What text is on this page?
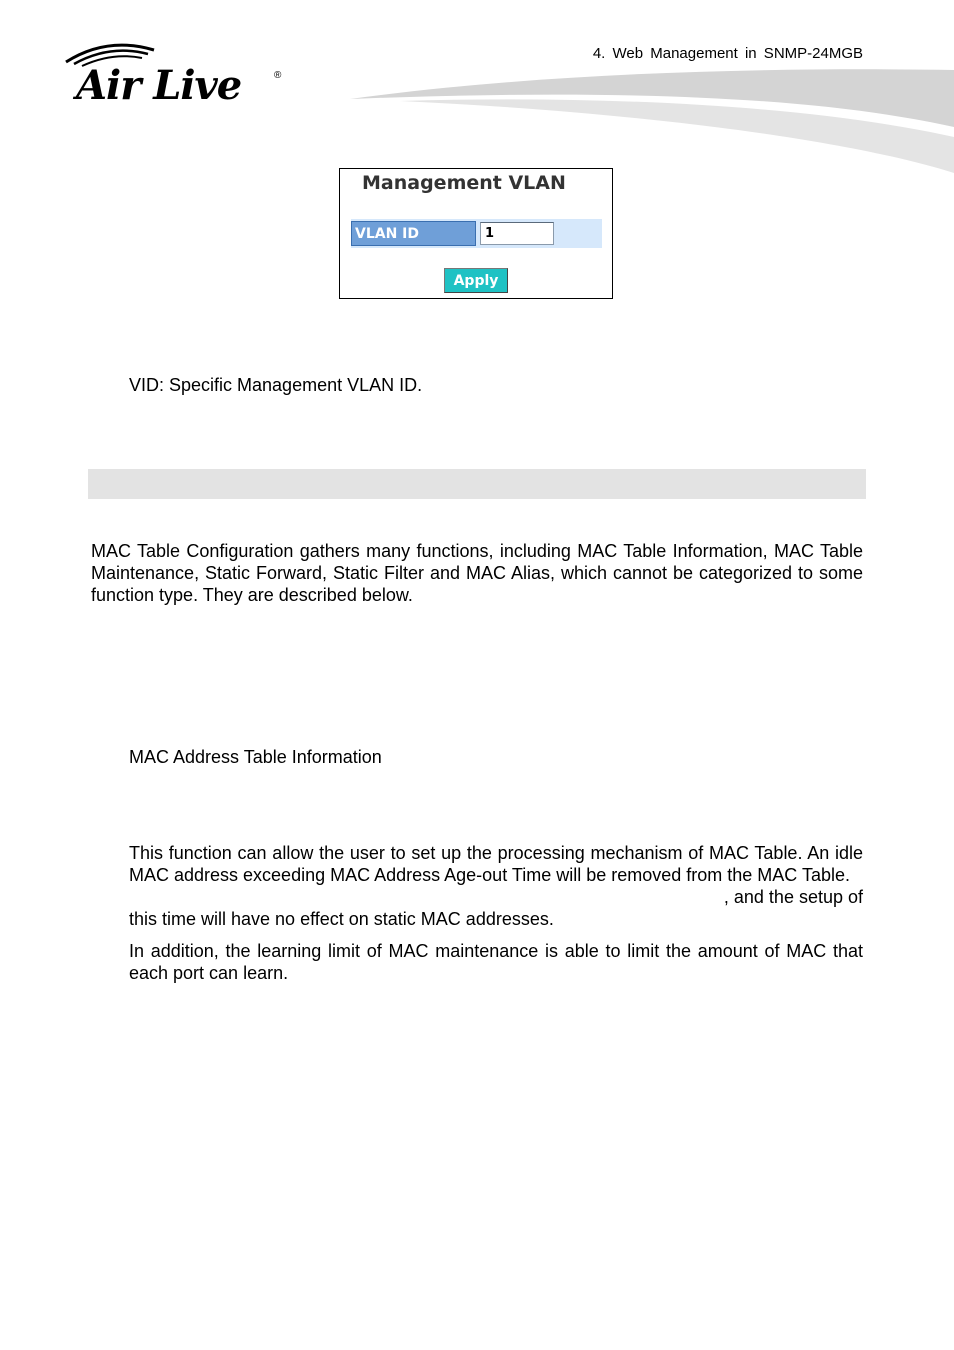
4. Web Management in SNMP-24MGB
Air Live	®
Management VLAN
VLAN ID
1
Apply
VID: Specific Management VLAN ID.
MAC Table Configuration gathers many functions, including MAC Table Information, MAC Table Maintenance, Static Forward, Static Filter and MAC Alias, which cannot be categorized to some function type. They are described below.
MAC Address Table Information
This function can allow the user to set up the processing mechanism of MAC Table. An idle MAC address exceeding MAC Address Age-out Time will be removed from the MAC Table.
, and the setup of
this time will have no effect on static MAC addresses.
In addition, the learning limit of MAC maintenance is able to limit the amount of MAC that each port can learn.
